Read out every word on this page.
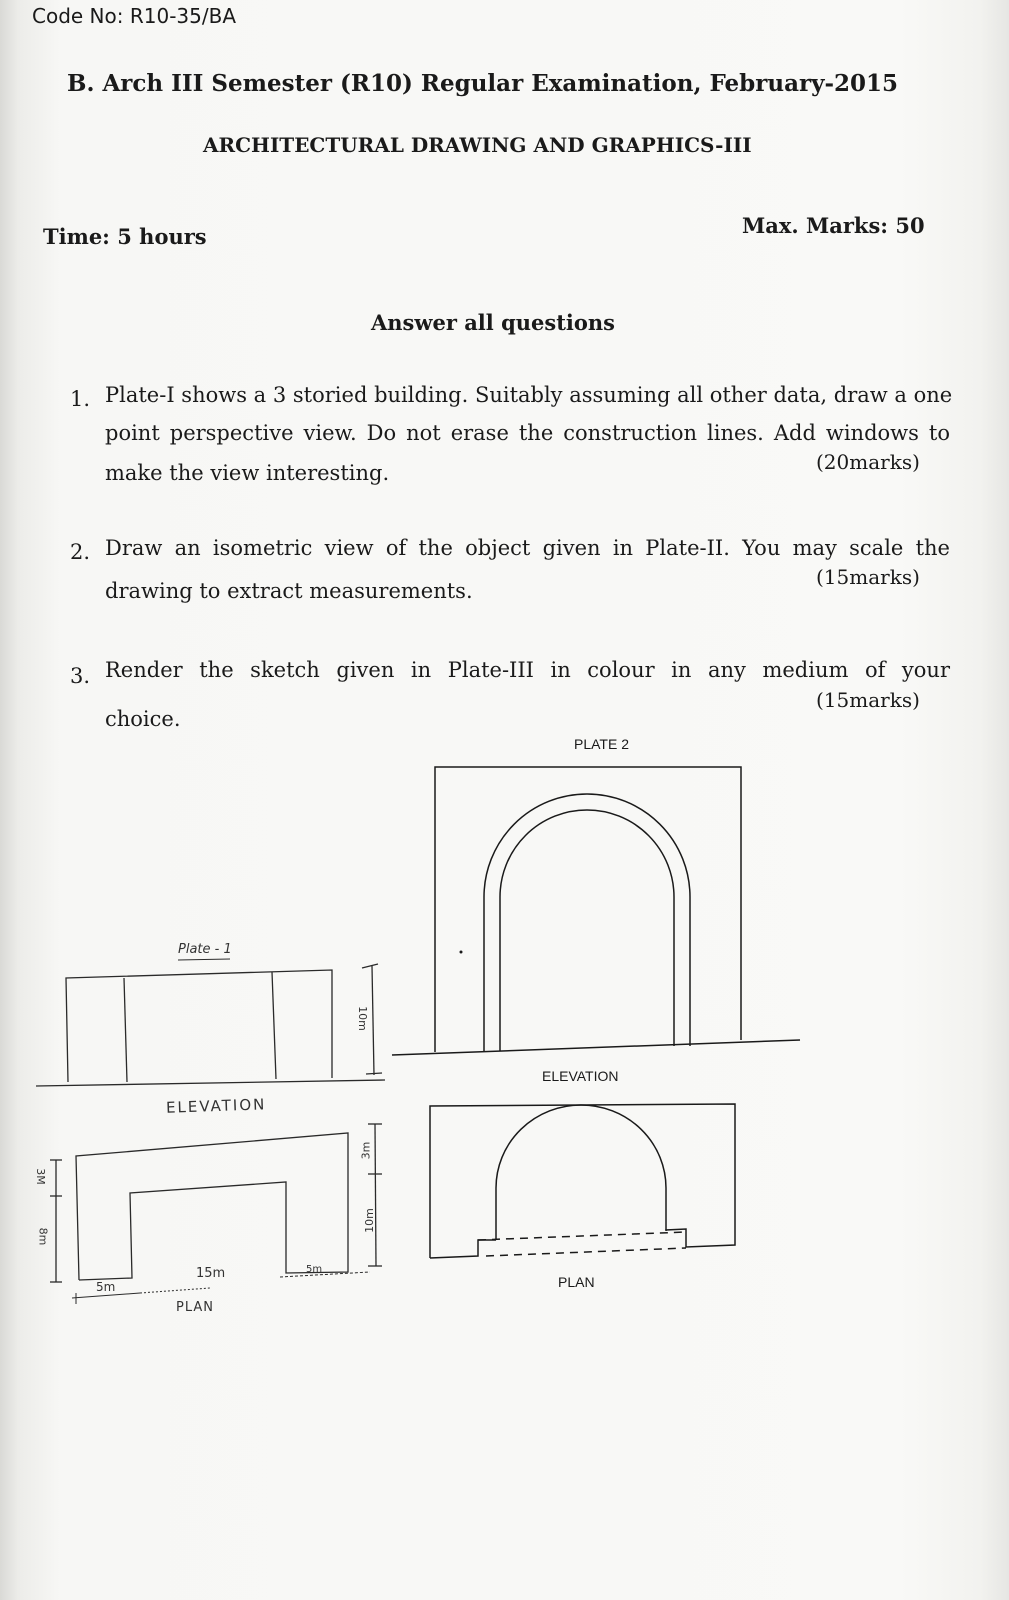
Code No: R10-35/BA
B. Arch III Semester (R10) Regular Examination, February-2015
ARCHITECTURAL DRAWING AND GRAPHICS-III
Time: 5 hours	Max. Marks: 50
Answer all questions
1. Plate-I shows a 3 storied building. Suitably assuming all other data, draw a one
point perspective view. Do not erase the construction lines. Add windows to
make the view interesting.	(20marks)
2. Draw an isometric view of the object given in Plate-II. You may scale the
drawing to extract measurements.
(15marks)
3. Render the sketch given in Plate-III in colour in any medium of your
choice.
(15marks)
Plate - 1
ELEVATION
PLAN
10m
3m
10m
3M
8m
5m
15m	5m
PLATE 2
ELEVATION
PLAN
